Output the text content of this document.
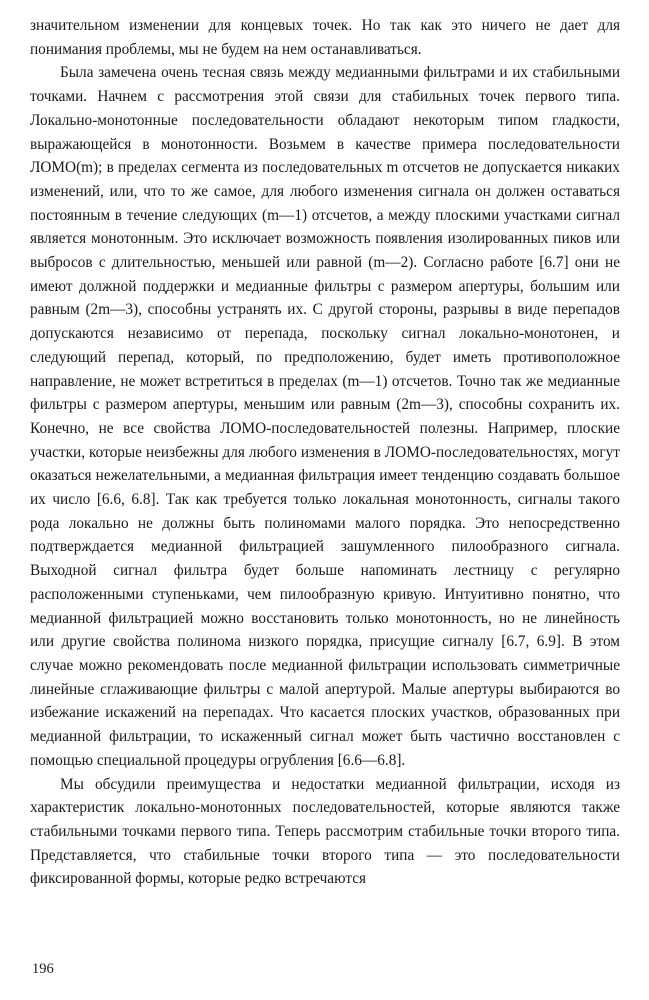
значительном изменении для концевых точек. Но так как это ничего не дает для понимания проблемы, мы не будем на нем останавливаться.

Была замечена очень тесная связь между медианными фильтрами и их стабильными точками. Начнем с рассмотрения этой связи для стабильных точек первого типа. Локально-монотонные последовательности обладают некоторым типом гладкости, выражающейся в монотонности. Возьмем в качестве примера последовательности ЛОМО(m); в пределах сегмента из последовательных m отсчетов не допускается никаких изменений, или, что то же самое, для любого изменения сигнала он должен оставаться постоянным в течение следующих (m—1) отсчетов, а между плоскими участками сигнал является монотонным. Это исключает возможность появления изолированных пиков или выбросов с длительностью, меньшей или равной (m—2). Согласно работе [6.7] они не имеют должной поддержки и медианные фильтры с размером апертуры, большим или равным (2m—3), способны устранять их. С другой стороны, разрывы в виде перепадов допускаются независимо от перепада, поскольку сигнал локально-монотонен, и следующий перепад, который, по предположению, будет иметь противоположное направление, не может встретиться в пределах (m—1) отсчетов. Точно так же медианные фильтры с размером апертуры, меньшим или равным (2m—3), способны сохранить их. Конечно, не все свойства ЛОМО-последовательностей полезны. Например, плоские участки, которые неизбежны для любого изменения в ЛОМО-последовательностях, могут оказаться нежелательными, а медианная фильтрация имеет тенденцию создавать большое их число [6.6, 6.8]. Так как требуется только локальная монотонность, сигналы такого рода локально не должны быть полиномами малого порядка. Это непосредственно подтверждается медианной фильтрацией зашумленного пилообразного сигнала. Выходной сигнал фильтра будет больше напоминать лестницу с регулярно расположенными ступеньками, чем пилообразную кривую. Интуитивно понятно, что медианной фильтрацией можно восстановить только монотонность, но не линейность или другие свойства полинома низкого порядка, присущие сигналу [6.7, 6.9]. В этом случае можно рекомендовать после медианной фильтрации использовать симметричные линейные сглаживающие фильтры с малой апертурой. Малые апертуры выбираются во избежание искажений на перепадах. Что касается плоских участков, образованных при медианной фильтрации, то искаженный сигнал может быть частично восстановлен с помощью специальной процедуры огрубления [6.6—6.8].

Мы обсудили преимущества и недостатки медианной фильтрации, исходя из характеристик локально-монотонных последовательностей, которые являются также стабильными точками первого типа. Теперь рассмотрим стабильные точки второго типа. Представляется, что стабильные точки второго типа — это последовательности фиксированной формы, которые редко встречаются

196
